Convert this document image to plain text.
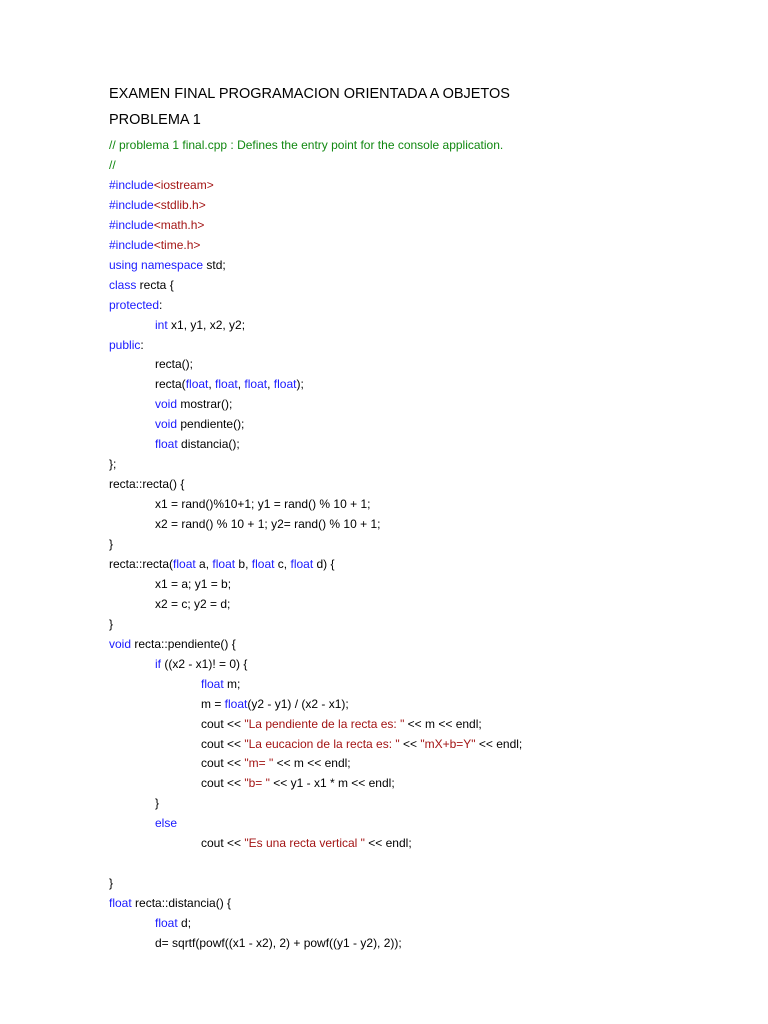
EXAMEN FINAL PROGRAMACION ORIENTADA A OBJETOS
PROBLEMA 1
// problema 1 final.cpp : Defines the entry point for the console application.
//
#include<iostream>
#include<stdlib.h>
#include<math.h>
#include<time.h>
using namespace std;
class recta {
protected:
int x1, y1, x2, y2;
public:
recta();
recta(float, float, float, float);
void mostrar();
void pendiente();
float distancia();
};
recta::recta() {
x1 = rand()%10+1; y1 = rand() % 10 + 1;
x2 = rand() % 10 + 1; y2= rand() % 10 + 1;
}
recta::recta(float a, float b, float c, float d) {
x1 = a; y1 = b;
x2 = c; y2 = d;
}
void recta::pendiente() {
if ((x2 - x1)! = 0) {
float m;
m = float(y2 - y1) / (x2 - x1);
cout << "La pendiente de la recta es: " << m << endl;
cout << "La eucacion de la recta es: " << "mX+b=Y" << endl;
cout << "m= " << m << endl;
cout << "b= " << y1 - x1 * m << endl;
}
else
cout << "Es una recta vertical " << endl;
}
float recta::distancia() {
float d;
d= sqrtf(powf((x1 - x2), 2) + powf((y1 - y2), 2));
